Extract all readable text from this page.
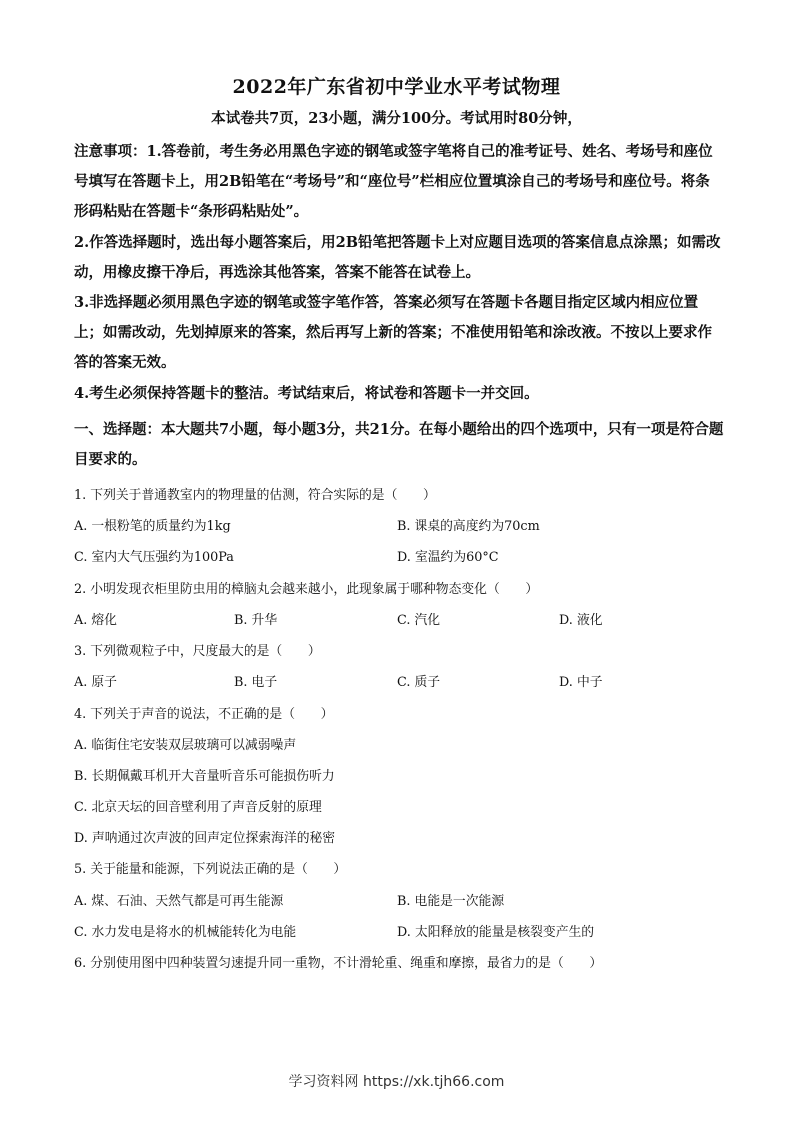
2022年广东省初中学业水平考试物理
本试卷共7页，23小题，满分100分。考试用时80分钟，

注意事项：1.答卷前，考生务必用黑色字迹的钢笔或签字笔将自己的准考证号、姓名、考场号和座位号填写在答题卡上，用2B铅笔在“考场号”和“座位号”栏相应位置填涂自己的考场号和座位号。将条形码粘贴在答题卡“条形码粘贴处”。

2.作答选择题时，选出每小题答案后，用2B铅笔把答题卡上对应题目选项的答案信息点涂黑；如需改动，用橡皮擦干净后，再选涂其他答案，答案不能答在试卷上。

3.非选择题必须用黑色字迹的钢笔或签字笔作答，答案必须写在答题卡各题目指定区域内相应位置上；如需改动，先划掉原来的答案，然后再写上新的答案；不准使用铅笔和涂改液。不按以上要求作答的答案无效。

4.考生必须保持答题卡的整洁。考试结束后，将试卷和答题卡一并交回。

一、选择题：本大题共7小题，每小题3分，共21分。在每小题给出的四个选项中，只有一项是符合题目要求的。
1. 下列关于普通教室内的物理量的估测，符合实际的是（　　）
A. 一根粉笔的质量约为1kg	B. 课桌的高度约为70cm
C. 室内大气压强约为100Pa	D. 室温约为60°C
2. 小明发现衣柜里防虫用的樟脑丸会越来越小，此现象属于哪种物态变化（　　）
A. 熔化	B. 升华	C. 汽化	D. 液化
3. 下列微观粒子中，尺度最大的是（　　）
A. 原子	B. 电子	C. 质子	D. 中子
4. 下列关于声音的说法，不正确的是（　　）
A. 临街住宅安装双层玻璃可以减弱噪声
B. 长期佩戴耳机开大音量听音乐可能损伤听力
C. 北京天坛的回音壁利用了声音反射的原理
D. 声呐通过次声波的回声定位探索海洋的秘密
5. 关于能量和能源，下列说法正确的是（　　）
A. 煤、石油、天然气都是可再生能源	B. 电能是一次能源
C. 水力发电是将水的机械能转化为电能	D. 太阳释放的能量是核裂变产生的
6. 分别使用图中四种装置匀速提升同一重物，不计滑轮重、绳重和摩擦，最省力的是（　　）
学习资料网 https://xk.tjh66.com
